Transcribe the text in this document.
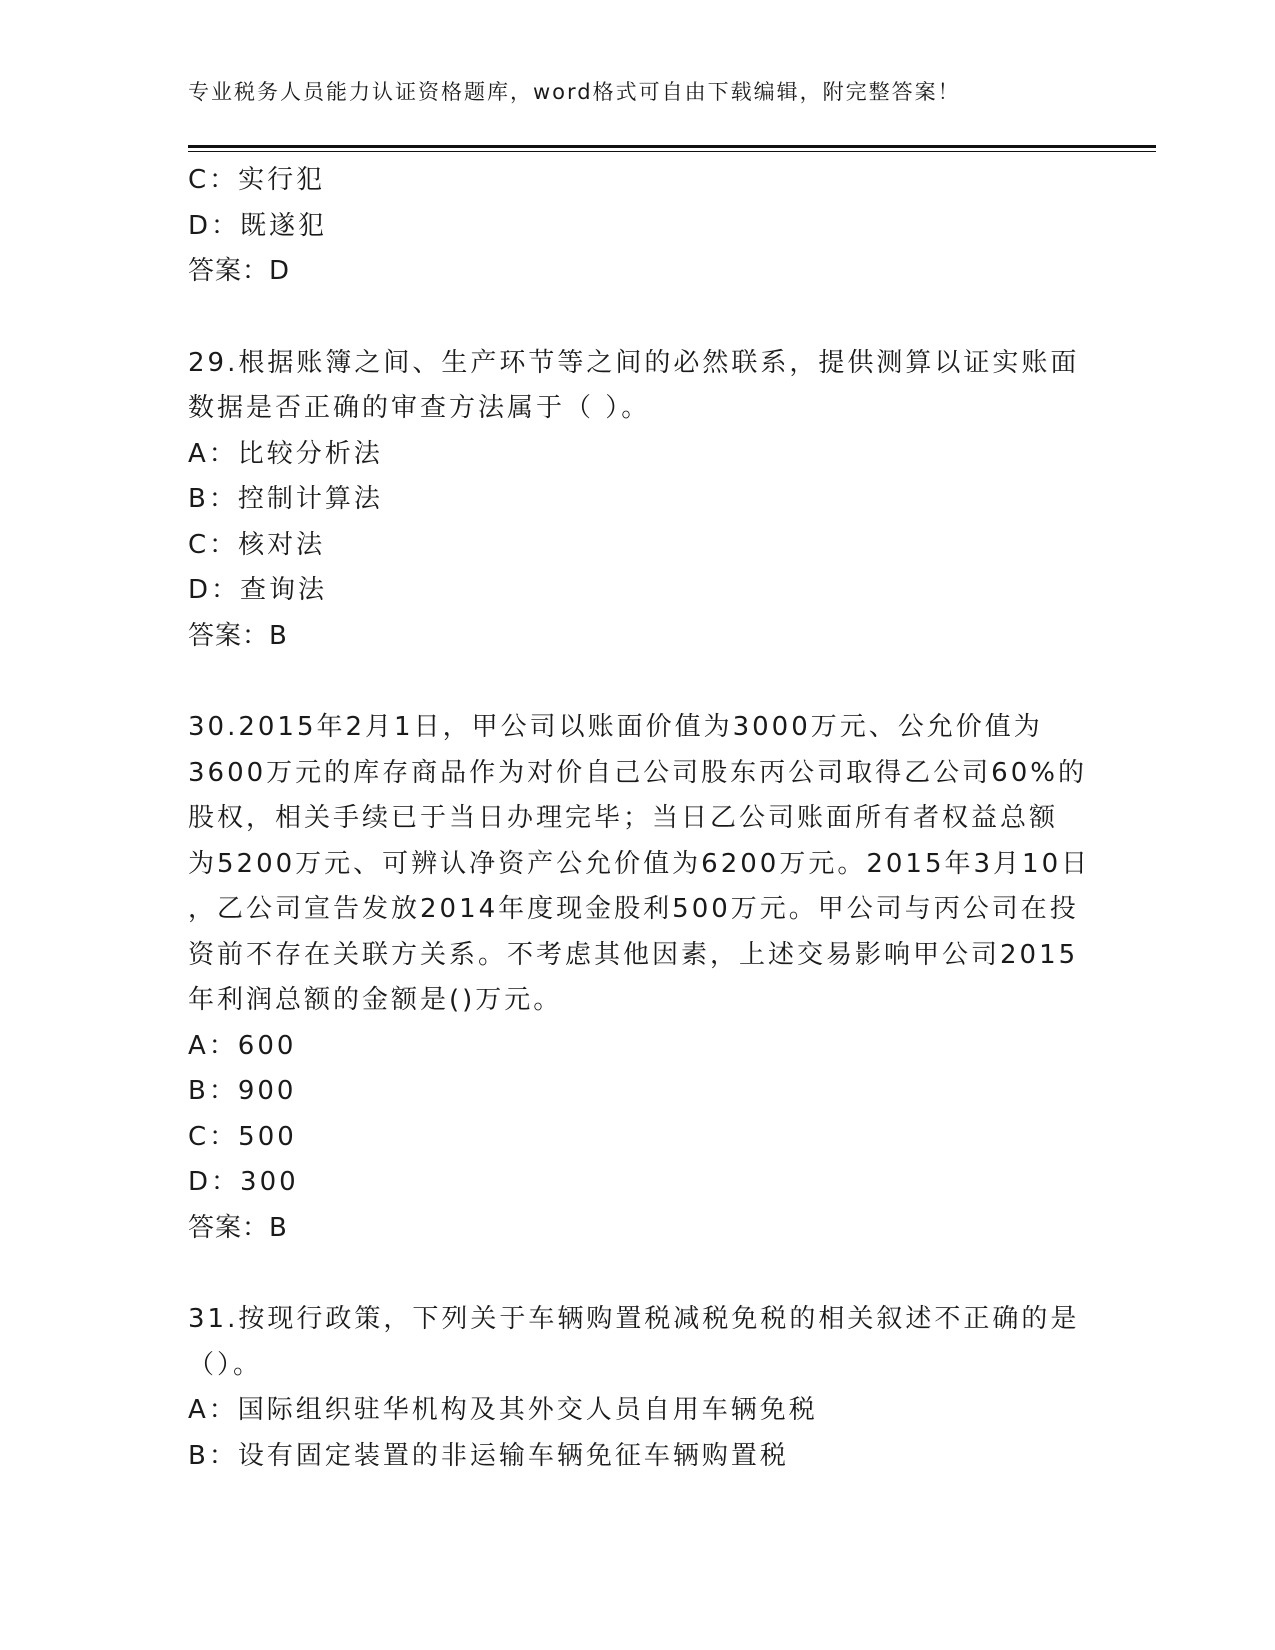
专业税务人员能力认证资格题库，word格式可自由下载编辑，附完整答案！
C：实行犯
D：既遂犯
答案：D
29.根据账簿之间、生产环节等之间的必然联系，提供测算以证实账面
数据是否正确的审查方法属于（ ）。
A：比较分析法
B：控制计算法
C：核对法
D：查询法
答案：B
30.2015年2月1日，甲公司以账面价值为3000万元、公允价值为
3600万元的库存商品作为对价自己公司股东丙公司取得乙公司60%的
股权，相关手续已于当日办理完毕；当日乙公司账面所有者权益总额
为5200万元、可辨认净资产公允价值为6200万元。2015年3月10日
，乙公司宣告发放2014年度现金股利500万元。甲公司与丙公司在投
资前不存在关联方关系。不考虑其他因素，上述交易影响甲公司2015
年利润总额的金额是()万元。
A：600
B：900
C：500
D：300
答案：B
31.按现行政策，下列关于车辆购置税减税免税的相关叙述不正确的是
（）。
A：国际组织驻华机构及其外交人员自用车辆免税
B：设有固定装置的非运输车辆免征车辆购置税
